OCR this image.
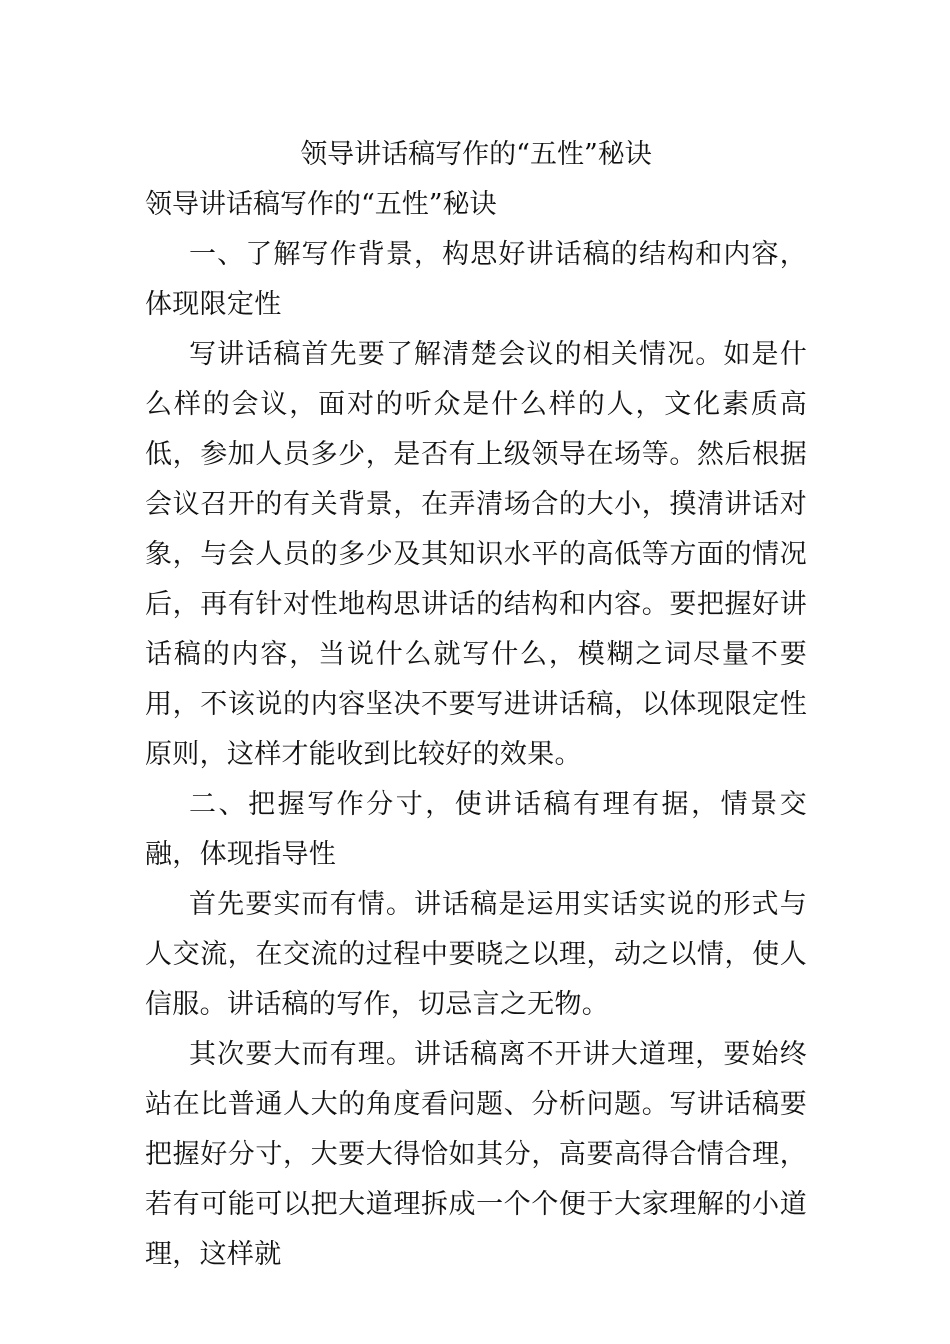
领导讲话稿写作的“五性”秘诀
领导讲话稿写作的“五性”秘诀

一、了解写作背景，构思好讲话稿的结构和内容，体现限定性

写讲话稿首先要了解清楚会议的相关情况。如是什么样的会议，面对的听众是什么样的人，文化素质高低，参加人员多少，是否有上级领导在场等。然后根据会议召开的有关背景，在弄清场合的大小，摸清讲话对象，与会人员的多少及其知识水平的高低等方面的情况后，再有针对性地构思讲话的结构和内容。要把握好讲话稿的内容，当说什么就写什么，模糊之词尽量不要用，不该说的内容坚决不要写进讲话稿，以体现限定性原则，这样才能收到比较好的效果。

二、把握写作分寸，使讲话稿有理有据，情景交融，体现指导性

首先要实而有情。讲话稿是运用实话实说的形式与人交流，在交流的过程中要晓之以理，动之以情，使人信服。讲话稿的写作，切忌言之无物。

其次要大而有理。讲话稿离不开讲大道理，要始终站在比普通人大的角度看问题、分析问题。写讲话稿要把握好分寸，大要大得恰如其分，高要高得合情合理，若有可能可以把大道理拆成一个个便于大家理解的小道理，这样就
